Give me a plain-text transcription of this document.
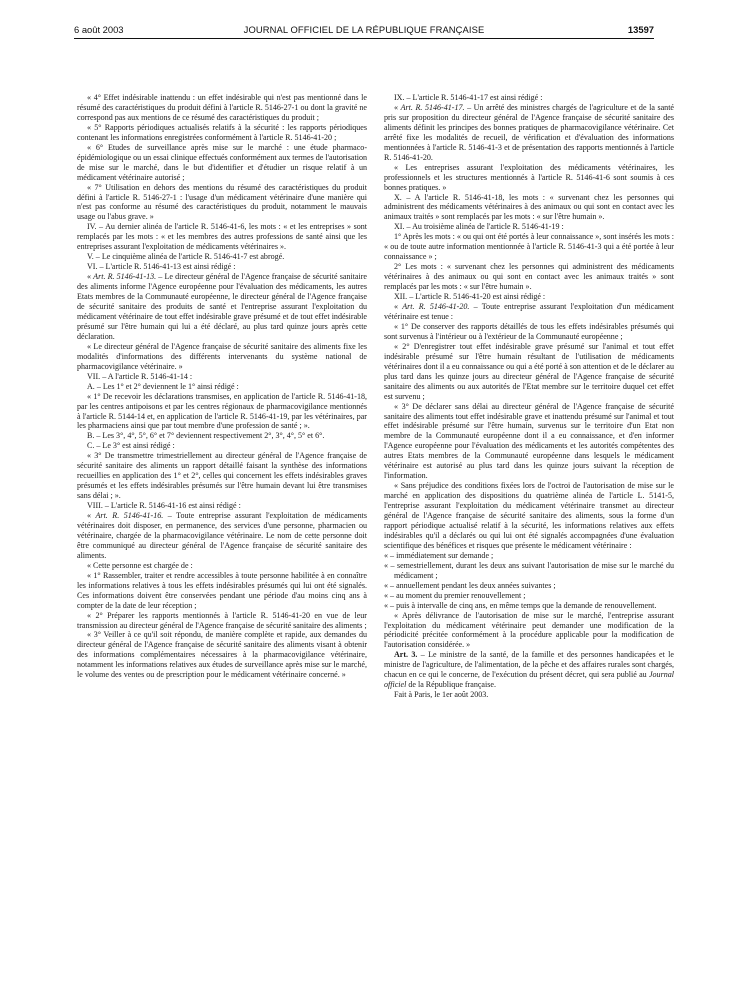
6 août 2003	JOURNAL OFFICIEL DE LA RÉPUBLIQUE FRANÇAISE	13597

« 4° Effet indésirable inattendu : un effet indésirable qui n'est pas mentionné dans le résumé des caractéristiques du produit défini à l'article R. 5146-27-1 ou dont la gravité ne correspond pas aux mentions de ce résumé des caractéristiques du produit ;

« 5° Rapports périodiques actualisés relatifs à la sécurité : les rapports périodiques contenant les informations enregistrées conformément à l'article R. 5146-41-20 ;

« 6° Etudes de surveillance après mise sur le marché : une étude pharmaco-épidémiologique ou un essai clinique effectués conformément aux termes de l'autorisation de mise sur le marché, dans le but d'identifier et d'étudier un risque relatif à un médicament vétérinaire autorisé ;

« 7° Utilisation en dehors des mentions du résumé des caractéristiques du produit défini à l'article R. 5146-27-1 : l'usage d'un médicament vétérinaire d'une manière qui n'est pas conforme au résumé des caractéristiques du produit, notamment le mauvais usage ou l'abus grave. »

IV. – Au dernier alinéa de l'article R. 5146-41-6, les mots : « et les entreprises » sont remplacés par les mots : « et les membres des autres professions de santé ainsi que les entreprises assurant l'exploitation de médicaments vétérinaires ».

V. – Le cinquième alinéa de l'article R. 5146-41-7 est abrogé.

VI. – L'article R. 5146-41-13 est ainsi rédigé :

« Art. R. 5146-41-13. – Le directeur général de l'Agence française de sécurité sanitaire des aliments informe l'Agence européenne pour l'évaluation des médicaments, les autres Etats membres de la Communauté européenne, le directeur général de l'Agence française de sécurité sanitaire des produits de santé et l'entreprise assurant l'exploitation du médicament vétérinaire de tout effet indésirable grave présumé et de tout effet indésirable présumé sur l'être humain qui lui a été déclaré, au plus tard quinze jours après cette déclaration.

« Le directeur général de l'Agence française de sécurité sanitaire des aliments fixe les modalités d'informations des différents intervenants du système national de pharmacovigilance vétérinaire. »

VII. – A l'article R. 5146-41-14 :

A. – Les 1° et 2° deviennent le 1° ainsi rédigé :

« 1° De recevoir les déclarations transmises, en application de l'article R. 5146-41-18, par les centres antipoisons et par les centres régionaux de pharmacovigilance mentionnés à l'article R. 5144-14 et, en application de l'article R. 5146-41-19, par les vétérinaires, par les pharmaciens ainsi que par tout membre d'une profession de santé ; ».

B. – Les 3°, 4°, 5°, 6° et 7° deviennent respectivement 2°, 3°, 4°, 5° et 6°.

C. – Le 3° est ainsi rédigé :

« 3° De transmettre trimestriellement au directeur général de l'Agence française de sécurité sanitaire des aliments un rapport détaillé faisant la synthèse des informations recueillies en application des 1° et 2°, celles qui concernent les effets indésirables graves présumés et les effets indésirables présumés sur l'être humain devant lui être transmises sans délai ; ».

VIII. – L'article R. 5146-41-16 est ainsi rédigé :

« Art. R. 5146-41-16. – Toute entreprise assurant l'exploitation de médicaments vétérinaires doit disposer, en permanence, des services d'une personne, pharmacien ou vétérinaire, chargée de la pharmacovigilance vétérinaire. Le nom de cette personne doit être communiqué au directeur général de l'Agence française de sécurité sanitaire des aliments.

« Cette personne est chargée de :

« 1° Rassembler, traiter et rendre accessibles à toute personne habilitée à en connaître les informations relatives à tous les effets indésirables présumés qui lui ont été signalés. Ces informations doivent être conservées pendant une période d'au moins cinq ans à compter de la date de leur réception ;

« 2° Préparer les rapports mentionnés à l'article R. 5146-41-20 en vue de leur transmission au directeur général de l'Agence française de sécurité sanitaire des aliments ;

« 3° Veiller à ce qu'il soit répondu, de manière complète et rapide, aux demandes du directeur général de l'Agence française de sécurité sanitaire des aliments visant à obtenir des informations complémentaires nécessaires à la pharmacovigilance vétérinaire, notamment les informations relatives aux études de surveillance après mise sur le marché, le volume des ventes ou de prescription pour le médicament vétérinaire concerné. »

IX. – L'article R. 5146-41-17 est ainsi rédigé :

« Art. R. 5146-41-17. – Un arrêté des ministres chargés de l'agriculture et de la santé pris sur proposition du directeur général de l'Agence française de sécurité sanitaire des aliments définit les principes des bonnes pratiques de pharmacovigilance vétérinaire. Cet arrêté fixe les modalités de recueil, de vérification et d'évaluation des informations mentionnées à l'article R. 5146-41-3 et de présentation des rapports mentionnés à l'article R. 5146-41-20.

« Les entreprises assurant l'exploitation des médicaments vétérinaires, les professionnels et les structures mentionnés à l'article R. 5146-41-6 sont soumis à ces bonnes pratiques. »

X. – A l'article R. 5146-41-18, les mots : « survenant chez les personnes qui administrent des médicaments vétérinaires à des animaux ou qui sont en contact avec les animaux traités » sont remplacés par les mots : « sur l'être humain ».

XI. – Au troisième alinéa de l'article R. 5146-41-19 :

1° Après les mots : « ou qui ont été portés à leur connaissance », sont insérés les mots : « ou de toute autre information mentionnée à l'article R. 5146-41-3 qui a été portée à leur connaissance » ;

2° Les mots : « survenant chez les personnes qui administrent des médicaments vétérinaires à des animaux ou qui sont en contact avec les animaux traités » sont remplacés par les mots : « sur l'être humain ».

XII. – L'article R. 5146-41-20 est ainsi rédigé :

« Art. R. 5146-41-20. – Toute entreprise assurant l'exploitation d'un médicament vétérinaire est tenue :

« 1° De conserver des rapports détaillés de tous les effets indésirables présumés qui sont survenus à l'intérieur ou à l'extérieur de la Communauté européenne ;

« 2° D'enregistrer tout effet indésirable grave présumé sur l'animal et tout effet indésirable présumé sur l'être humain résultant de l'utilisation de médicaments vétérinaires dont il a eu connaissance ou qui a été porté à son attention et de le déclarer au plus tard dans les quinze jours au directeur général de l'Agence française de sécurité sanitaire des aliments ou aux autorités de l'Etat membre sur le territoire duquel cet effet est survenu ;

« 3° De déclarer sans délai au directeur général de l'Agence française de sécurité sanitaire des aliments tout effet indésirable grave et inattendu présumé sur l'animal et tout effet indésirable présumé sur l'être humain, survenus sur le territoire d'un Etat non membre de la Communauté européenne dont il a eu connaissance, et d'en informer l'Agence européenne pour l'évaluation des médicaments et les autorités compétentes des autres Etats membres de la Communauté européenne dans lesquels le médicament vétérinaire est autorisé au plus tard dans les quinze jours suivant la réception de l'information.

« Sans préjudice des conditions fixées lors de l'octroi de l'autorisation de mise sur le marché en application des dispositions du quatrième alinéa de l'article L. 5141-5, l'entreprise assurant l'exploitation du médicament vétérinaire transmet au directeur général de l'Agence française de sécurité sanitaire des aliments, sous la forme d'un rapport périodique actualisé relatif à la sécurité, les informations relatives aux effets indésirables qu'il a déclarés ou qui lui ont été signalés accompagnées d'une évaluation scientifique des bénéfices et risques que présente le médicament vétérinaire :

« – immédiatement sur demande ;

« – semestriellement, durant les deux ans suivant l'autorisation de mise sur le marché du médicament ;

« – annuellement pendant les deux années suivantes ;

« – au moment du premier renouvellement ;

« – puis à intervalle de cinq ans, en même temps que la demande de renouvellement.

« Après délivrance de l'autorisation de mise sur le marché, l'entreprise assurant l'exploitation du médicament vétérinaire peut demander une modification de la périodicité précitée conformément à la procédure applicable pour la modification de l'autorisation considérée. »

Art. 3. – Le ministre de la santé, de la famille et des personnes handicapées et le ministre de l'agriculture, de l'alimentation, de la pêche et des affaires rurales sont chargés, chacun en ce qui le concerne, de l'exécution du présent décret, qui sera publié au Journal officiel de la République française.

Fait à Paris, le 1er août 2003.
